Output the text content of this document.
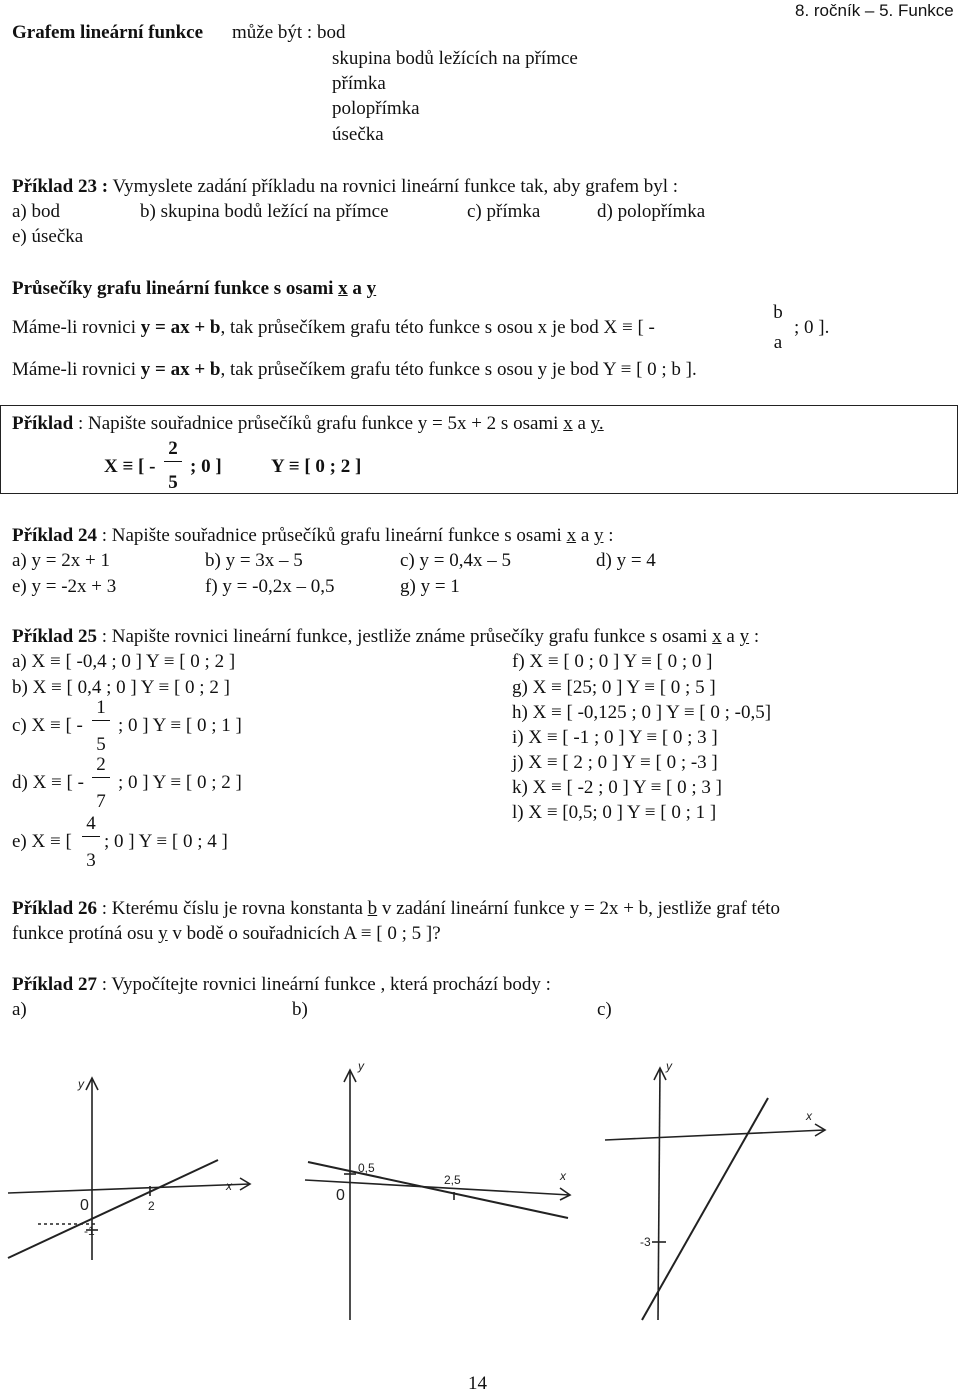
Grafem lineární funkce může být : bod
skupina bodů ležících na přímce
přímka
polopřímka
úsečka
8. ročník – 5. Funkce
Příklad 23 : Vymyslete zadání příkladu na rovnici lineární funkce tak, aby grafem byl :
a) bod	b) skupina bodů ležící na přímce	c) přímka	d) polopřímka
e) úsečka
Průsečíky grafu lineární funkce s osami x a y
Máme-li rovnici y = ax + b, tak průsečíkem grafu této funkce s osou x je bod X ≡ [ -
b
a
; 0 ].
Máme-li rovnici y = ax + b, tak průsečíkem grafu této funkce s osou y je bod Y ≡ [ 0 ; b ].
Příklad : Napište souřadnice průsečíků grafu funkce y = 5x + 2 s osami x a y.
X ≡ [ -
2
5
; 0 ]	Y ≡ [ 0 ; 2 ]
Příklad 24 : Napište souřadnice průsečíků grafu lineární funkce s osami x a y :
a) y = 2x + 1	b) y = 3x – 5	c) y = 0,4x – 5	d) y = 4
e) y = -2x + 3	f) y = -0,2x – 0,5	g) y = 1
Příklad 25 : Napište rovnici lineární funkce, jestliže známe průsečíky grafu funkce s osami x a y :
a) X ≡ [ -0,4 ; 0 ] Y ≡ [ 0 ; 2 ]
b) X ≡ [ 0,4 ; 0 ] Y ≡ [ 0 ; 2 ]
c) X ≡ [ -
1
5
; 0 ] Y ≡ [ 0 ; 1 ]
d) X ≡ [ -
2
7
; 0 ] Y ≡ [ 0 ; 2 ]
e) X ≡ [
4
3
; 0 ] Y ≡ [ 0 ; 4 ]
f) X ≡ [ 0 ; 0 ] Y ≡ [ 0 ; 0 ]
g) X ≡ [25; 0 ] Y ≡ [ 0 ; 5 ]
h) X ≡ [ -0,125 ; 0 ] Y ≡ [ 0 ; -0,5]
i) X ≡ [ -1 ; 0 ] Y ≡ [ 0 ; 3 ]
j) X ≡ [ 2 ; 0 ] Y ≡ [ 0 ; -3 ]
k) X ≡ [ -2 ; 0 ] Y ≡ [ 0 ; 3 ]
l) X ≡ [0,5; 0 ] Y ≡ [ 0 ; 1 ]
Příklad 26 : Kterému číslu je rovna konstanta b v zadání lineární funkce y = 2x + b, jestliže graf této
funkce protíná osu y v bodě o souřadnicích A ≡ [ 0 ; 5 ]?
Příklad 27 : Vypočítejte rovnici lineární funkce , která prochází body :
a)	b)	c)
x
y
0	2
-1
y
x
0
0,5
2,5
x
y
-3
14
